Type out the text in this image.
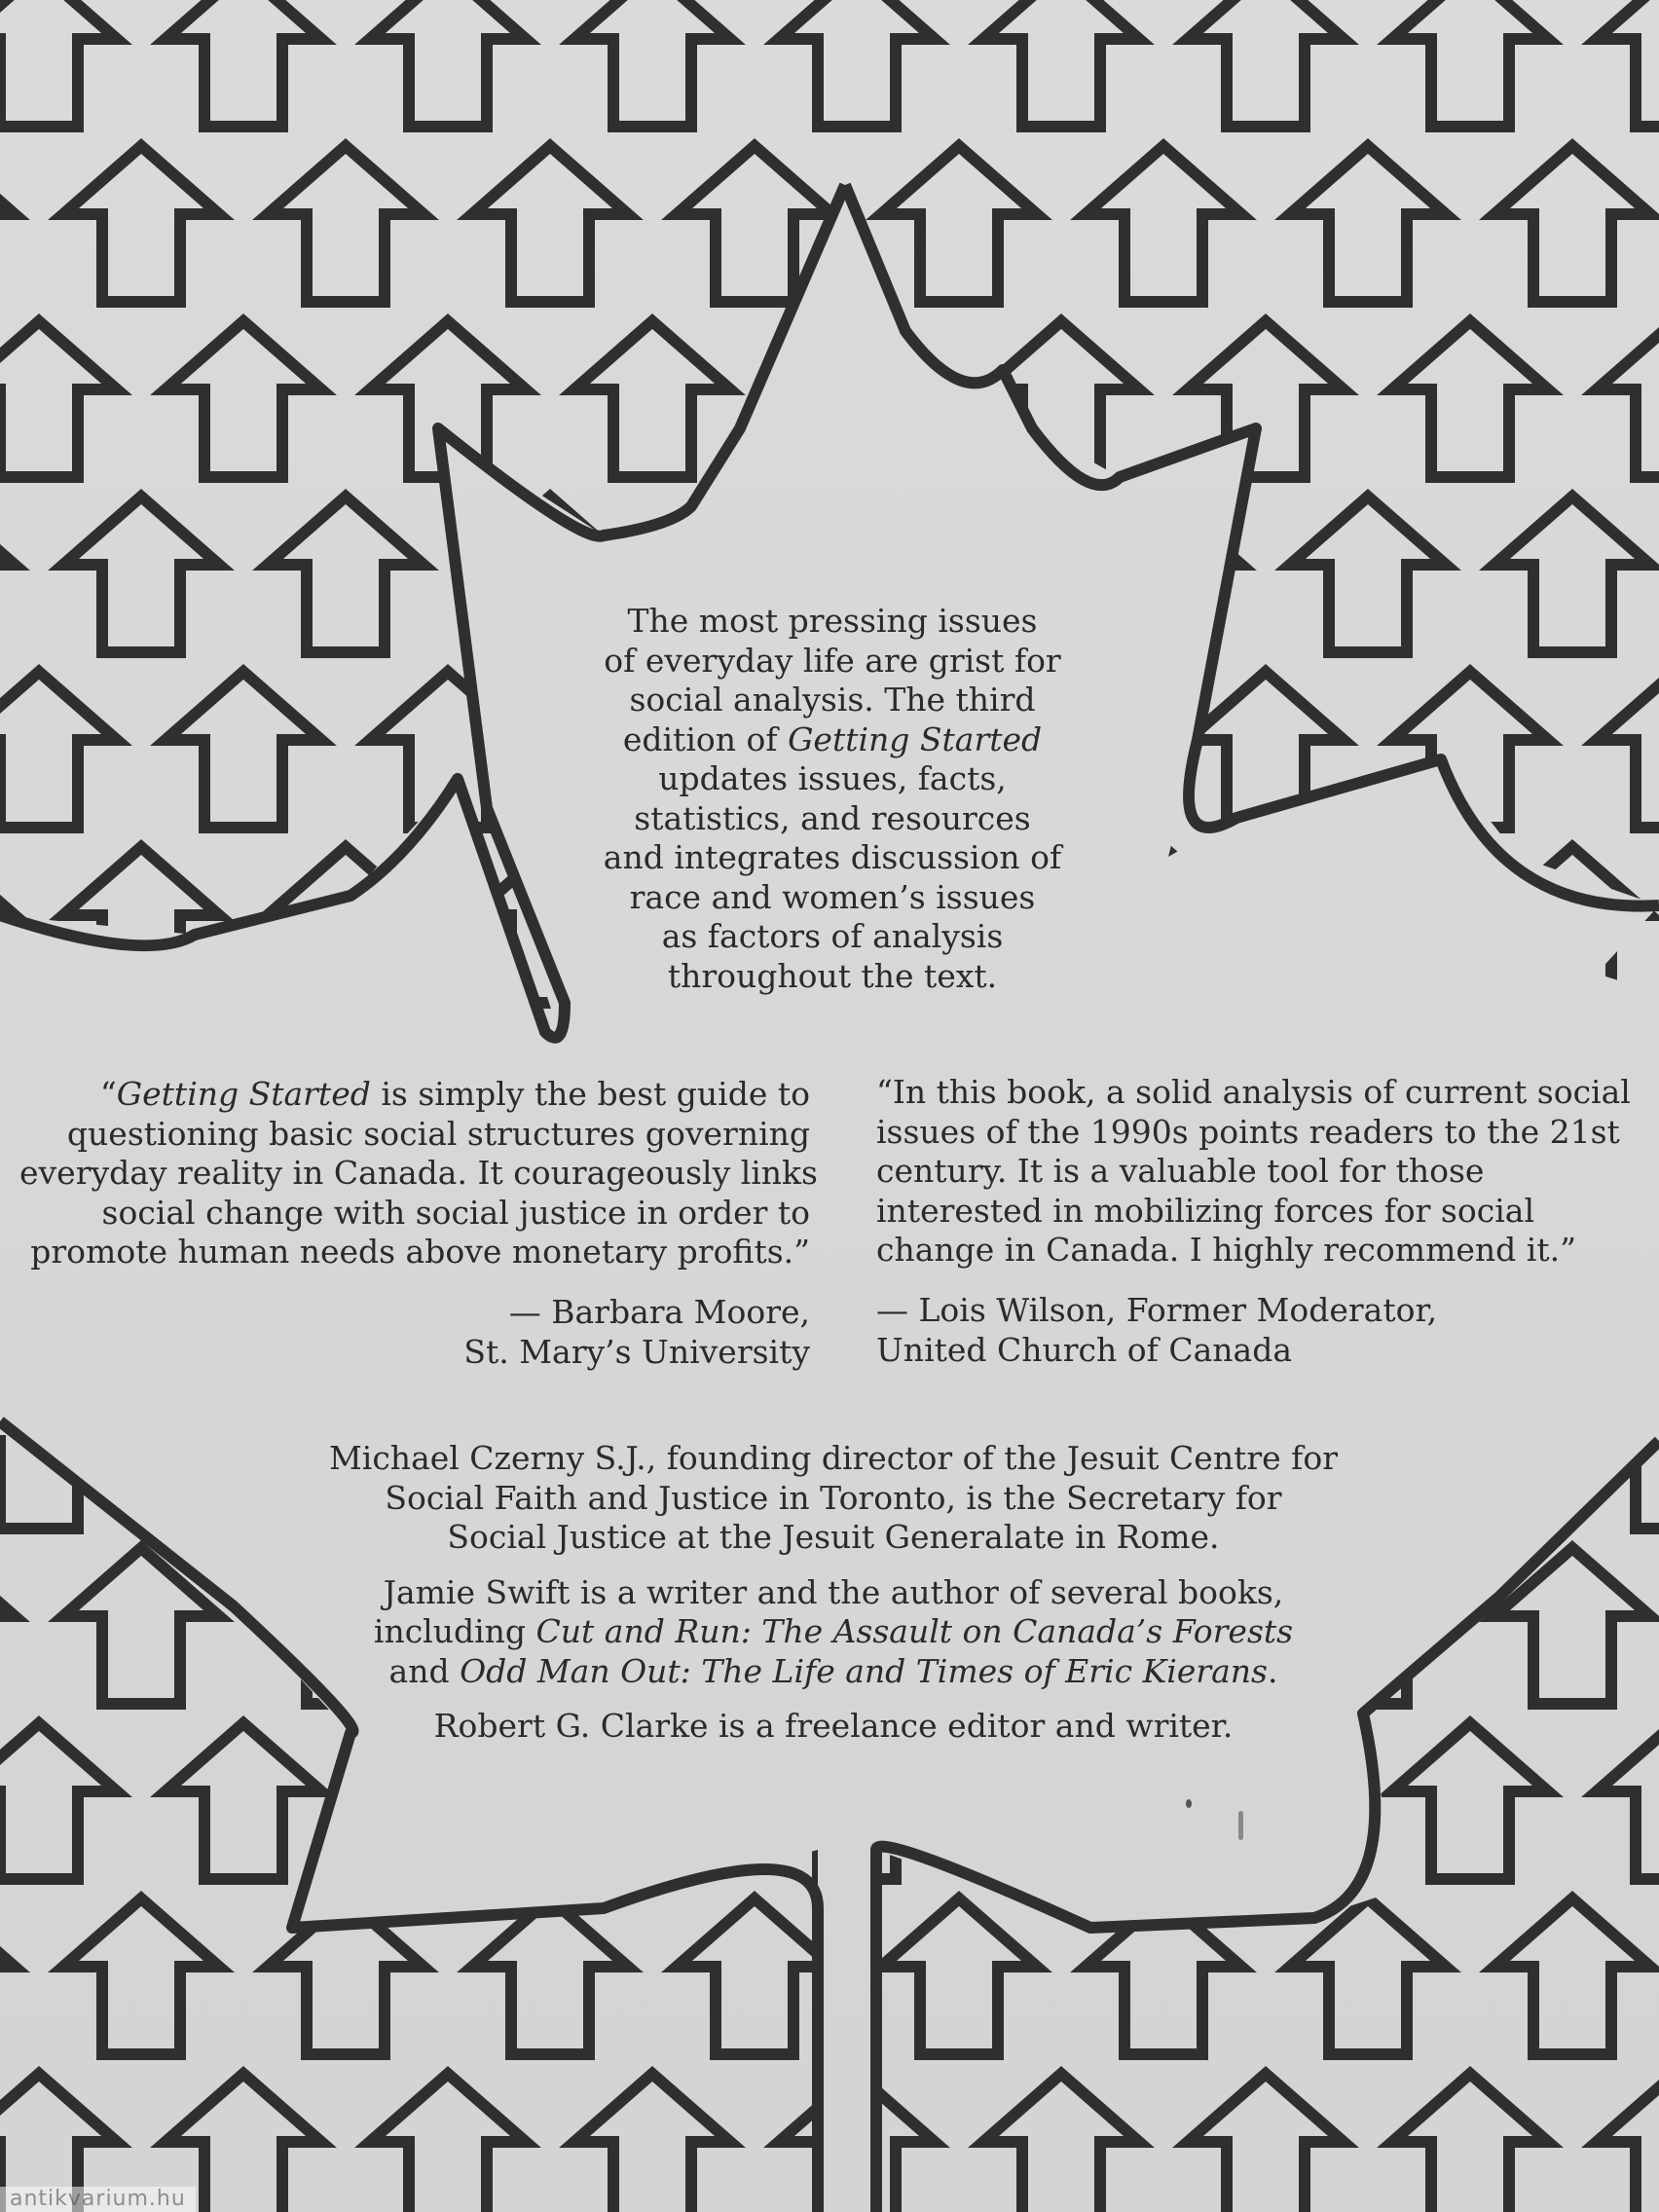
The most pressing issues
of everyday life are grist for
social analysis. The third
edition of Getting Started
updates issues, facts,
statistics, and resources
and integrates discussion of
race and women’s issues
as factors of analysis
throughout the text.
“Getting Started is simply the best guide to
questioning basic social structures governing
everyday reality in Canada. It courageously links
social change with social justice in order to
promote human needs above monetary profits.”
— Barbara Moore,
St. Mary’s University
“In this book, a solid analysis of current social
issues of the 1990s points readers to the 21st
century. It is a valuable tool for those
interested in mobilizing forces for social
change in Canada. I highly recommend it.”
— Lois Wilson, Former Moderator,
United Church of Canada

Michael Czerny S.J., founding director of the Jesuit Centre for
Social Faith and Justice in Toronto, is the Secretary for
Social Justice at the Jesuit Generalate in Rome.

Jamie Swift is a writer and the author of several books,
including Cut and Run: The Assault on Canada’s Forests
and Odd Man Out: The Life and Times of Eric Kierans.

Robert G. Clarke is a freelance editor and writer.

antikvarium.hu
